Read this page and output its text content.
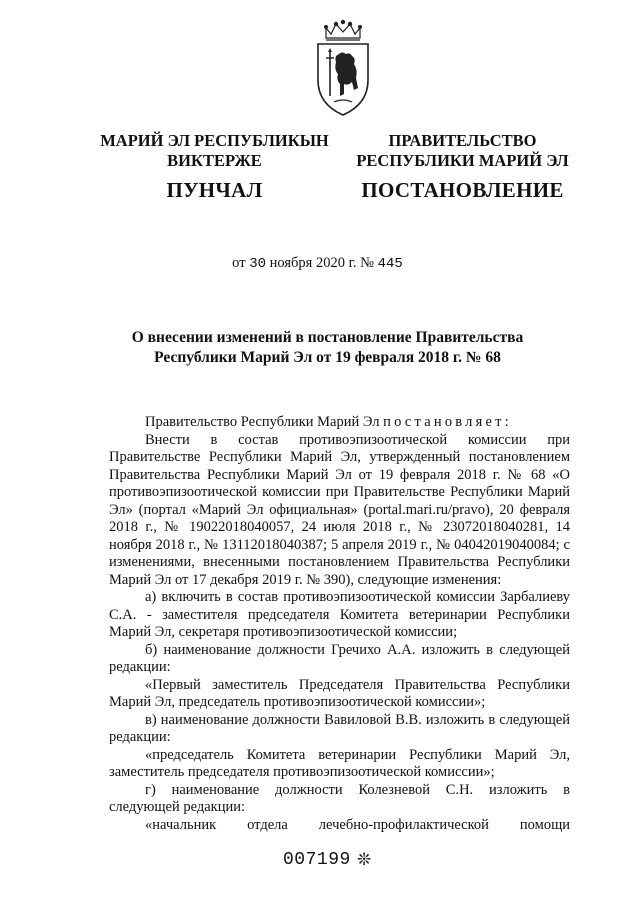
МАРИЙ ЭЛ РЕСПУБЛИКЫН
ВИКТЕРЖЕ
ПУНЧАЛ
ПРАВИТЕЛЬСТВО
РЕСПУБЛИКИ МАРИЙ ЭЛ
ПОСТАНОВЛЕНИЕ
от 30 ноября 2020 г. № 445
О внесении изменений в постановление Правительства
Республики Марий Эл от 19 февраля 2018 г. № 68

Правительство Республики Марий Эл постановляет:

Внести в состав противоэпизоотической комиссии при Правительстве Республики Марий Эл, утвержденный постановлением Правительства Республики Марий Эл от 19 февраля 2018 г. № 68 «О противоэпизоотической комиссии при Правительстве Республики Марий Эл» (портал «Марий Эл официальная» (portal.mari.ru/pravo), 20 февраля 2018 г., № 19022018040057, 24 июля 2018 г., № 23072018040281, 14 ноября 2018 г., № 13112018040387; 5 апреля 2019 г., № 04042019040084; с изменениями, внесенными постановлением Правительства Республики Марий Эл от 17 декабря 2019 г. № 390), следующие изменения:

а) включить в состав противоэпизоотической комиссии Зарбалиеву С.А. - заместителя председателя Комитета ветеринарии Республики Марий Эл, секретаря противоэпизоотической комиссии;

б) наименование должности Гречихо А.А. изложить в следующей редакции:

«Первый заместитель Председателя Правительства Республики Марий Эл, председатель противоэпизоотической комиссии»;

в) наименование должности Вавиловой В.В. изложить в следующей редакции:

«председатель Комитета ветеринарии Республики Марий Эл, заместитель председателя противоэпизоотической комиссии»;

г) наименование должности Колезневой С.Н. изложить в следующей редакции:

«начальник отдела лечебно-профилактической помощи

007199 ❊
